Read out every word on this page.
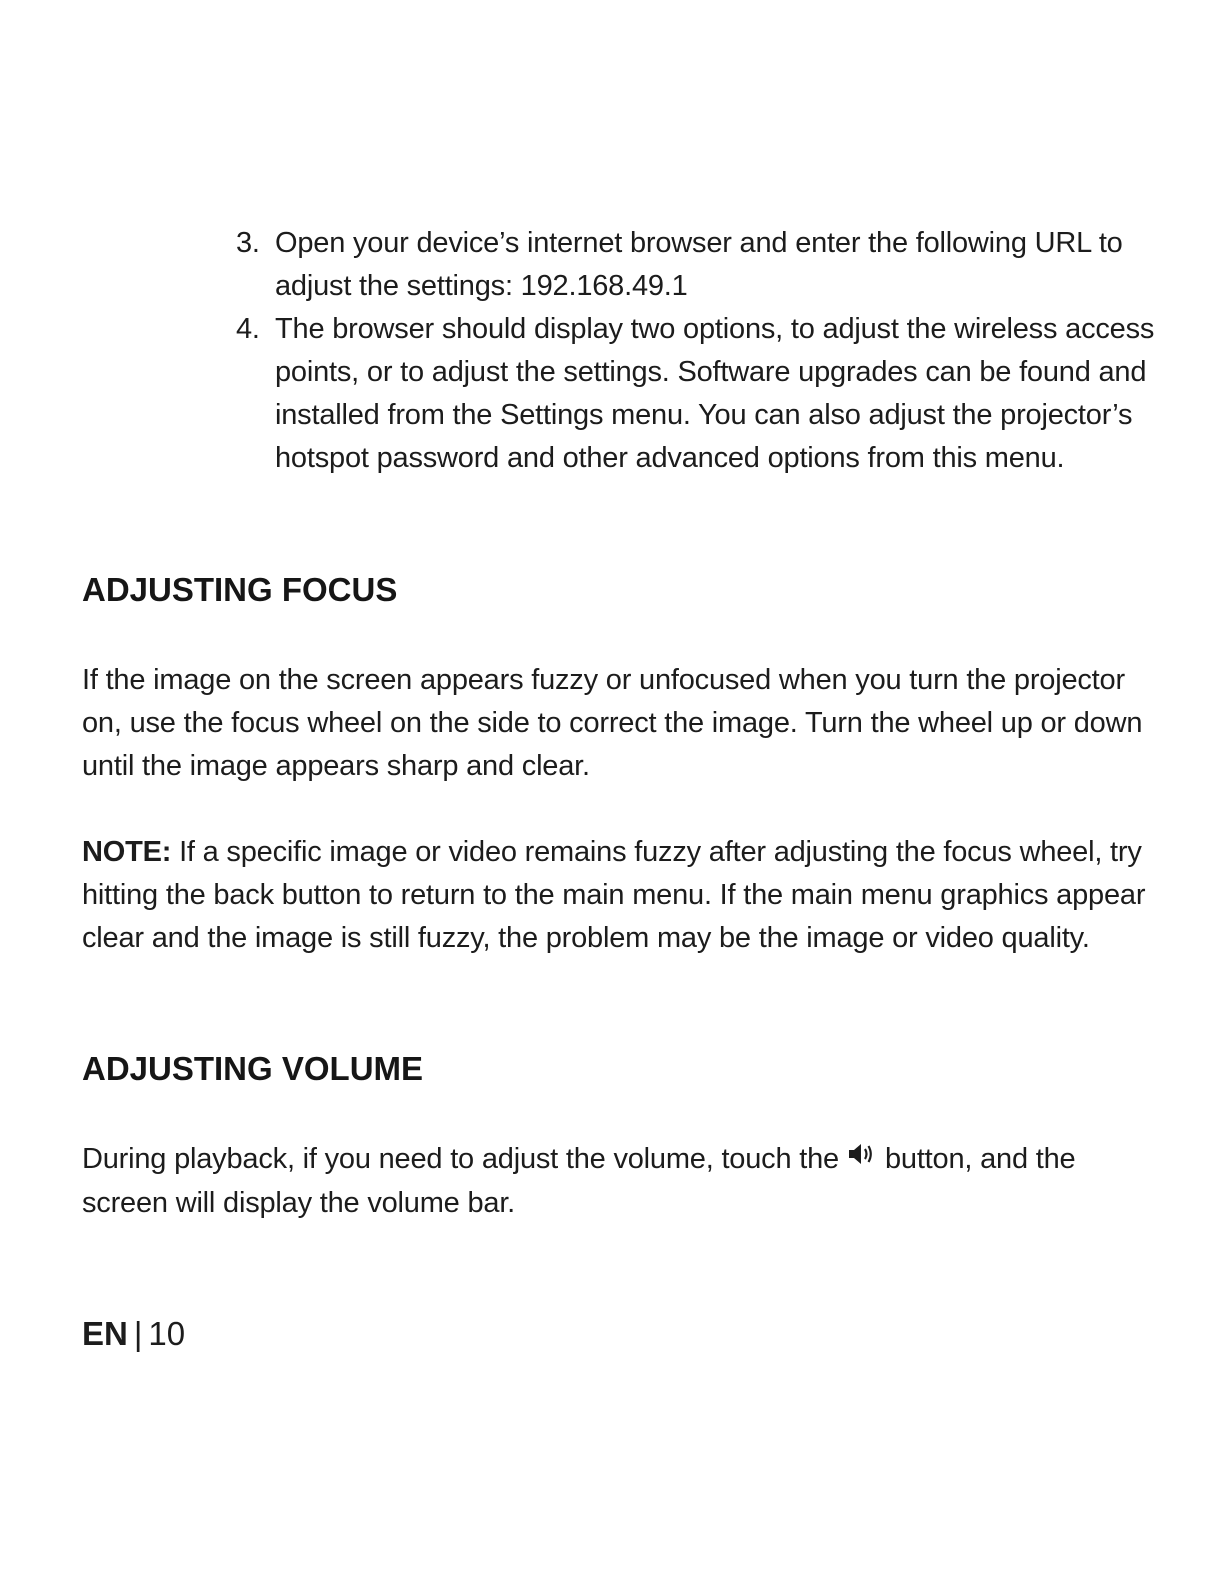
3. Open your device’s internet browser and enter the following URL to adjust the settings: 192.168.49.1
4. The browser should display two options, to adjust the wireless access points, or to adjust the settings. Software upgrades can be found and installed from the Settings menu. You can also adjust the projector’s hotspot password and other advanced options from this menu.
ADJUSTING FOCUS

If the image on the screen appears fuzzy or unfocused when you turn the projector on, use the focus wheel on the side to correct the image. Turn the wheel up or down until the image appears sharp and clear.

NOTE: If a specific image or video remains fuzzy after adjusting the focus wheel, try hitting the back button to return to the main menu. If the main menu graphics appear clear and the image is still fuzzy, the problem may be the image or video quality.

ADJUSTING VOLUME

During playback, if you need to adjust the volume, touch the button, and the screen will display the volume bar.

EN | 10
